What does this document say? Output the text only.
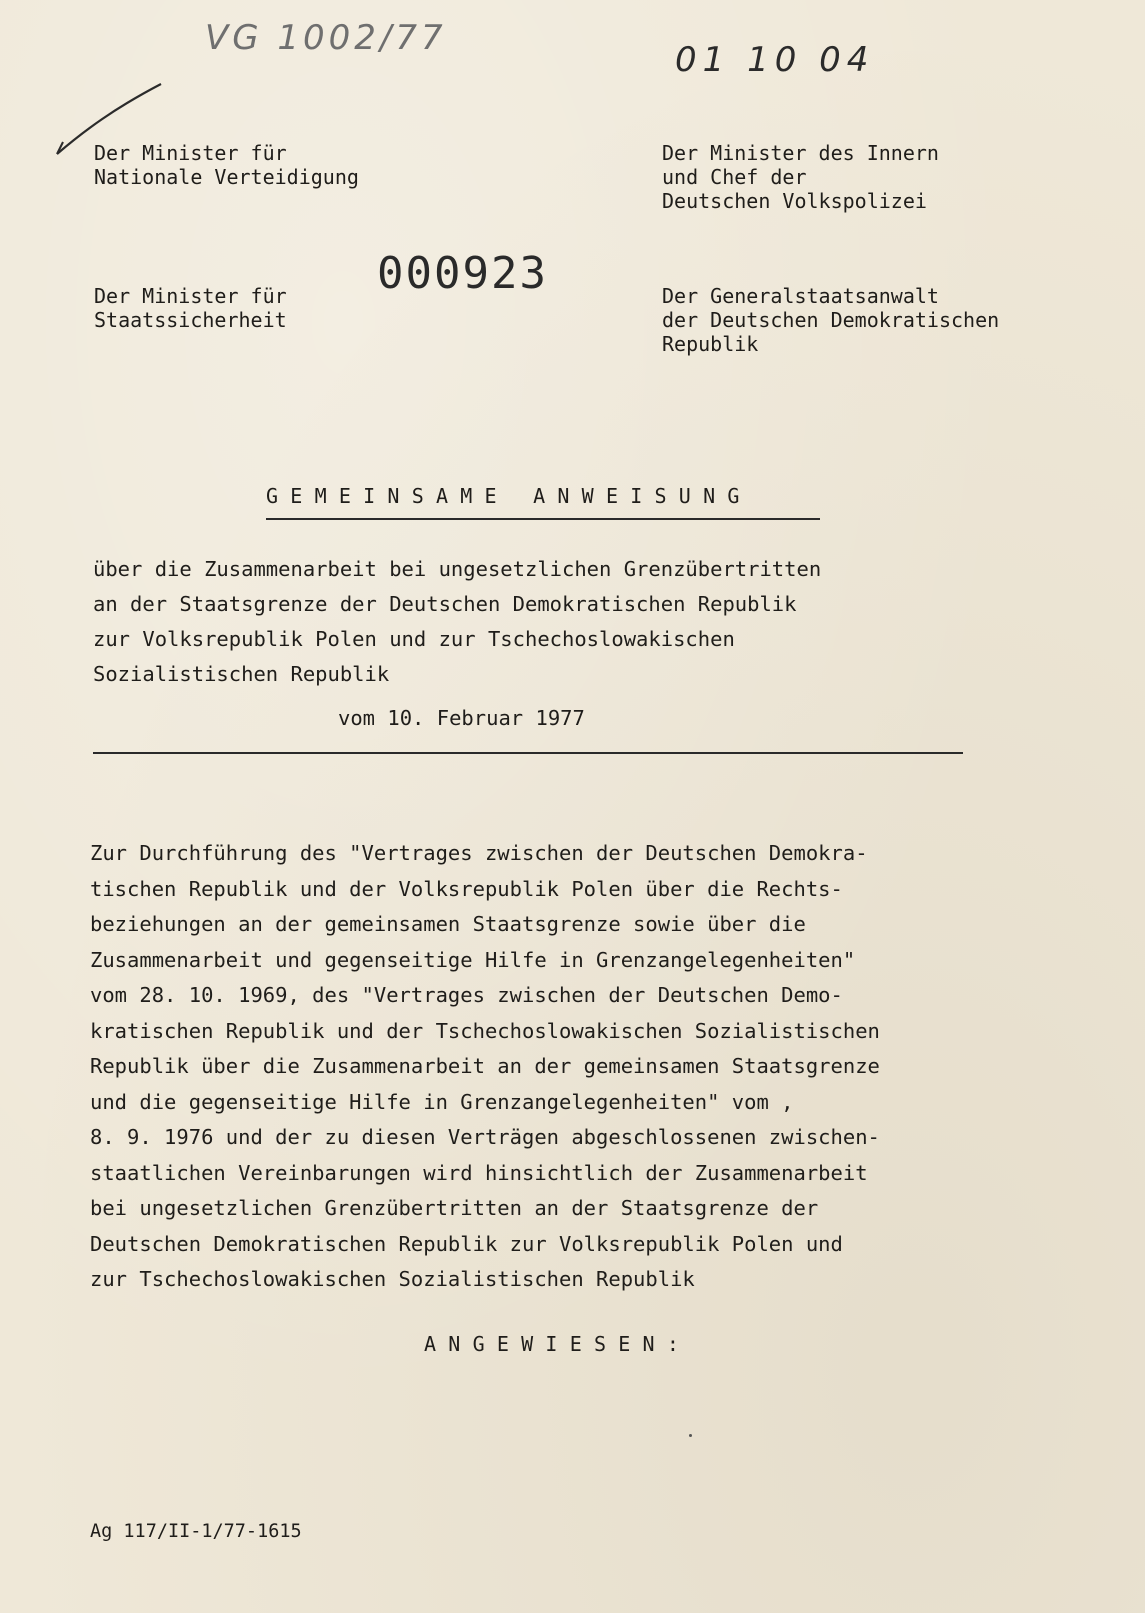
VG 1002/77
01 10 04
000923
Der Minister für
Nationale Verteidigung
Der Minister des Innern
und Chef der
Deutschen Volkspolizei
Der Minister für
Staatssicherheit
Der Generalstaatsanwalt
der Deutschen Demokratischen
Republik
G E M E I N S A M E   A N W E I S U N G
über die Zusammenarbeit bei ungesetzlichen Grenzübertritten
an der Staatsgrenze der Deutschen Demokratischen Republik
zur Volksrepublik Polen und zur Tschechoslowakischen
Sozialistischen Republik
vom 10. Februar 1977
Zur Durchführung des "Vertrages zwischen der Deutschen Demokra-
tischen Republik und der Volksrepublik Polen über die Rechts-
beziehungen an der gemeinsamen Staatsgrenze sowie über die
Zusammenarbeit und gegenseitige Hilfe in Grenzangelegenheiten"
vom 28. 10. 1969, des "Vertrages zwischen der Deutschen Demo-
kratischen Republik und der Tschechoslowakischen Sozialistischen
Republik über die Zusammenarbeit an der gemeinsamen Staatsgrenze
und die gegenseitige Hilfe in Grenzangelegenheiten" vom ,
8. 9. 1976 und der zu diesen Verträgen abgeschlossenen zwischen-
staatlichen Vereinbarungen wird hinsichtlich der Zusammenarbeit
bei ungesetzlichen Grenzübertritten an der Staatsgrenze der
Deutschen Demokratischen Republik zur Volksrepublik Polen und
zur Tschechoslowakischen Sozialistischen Republik
A N G E W I E S E N :
Ag 117/II-1/77-1615
